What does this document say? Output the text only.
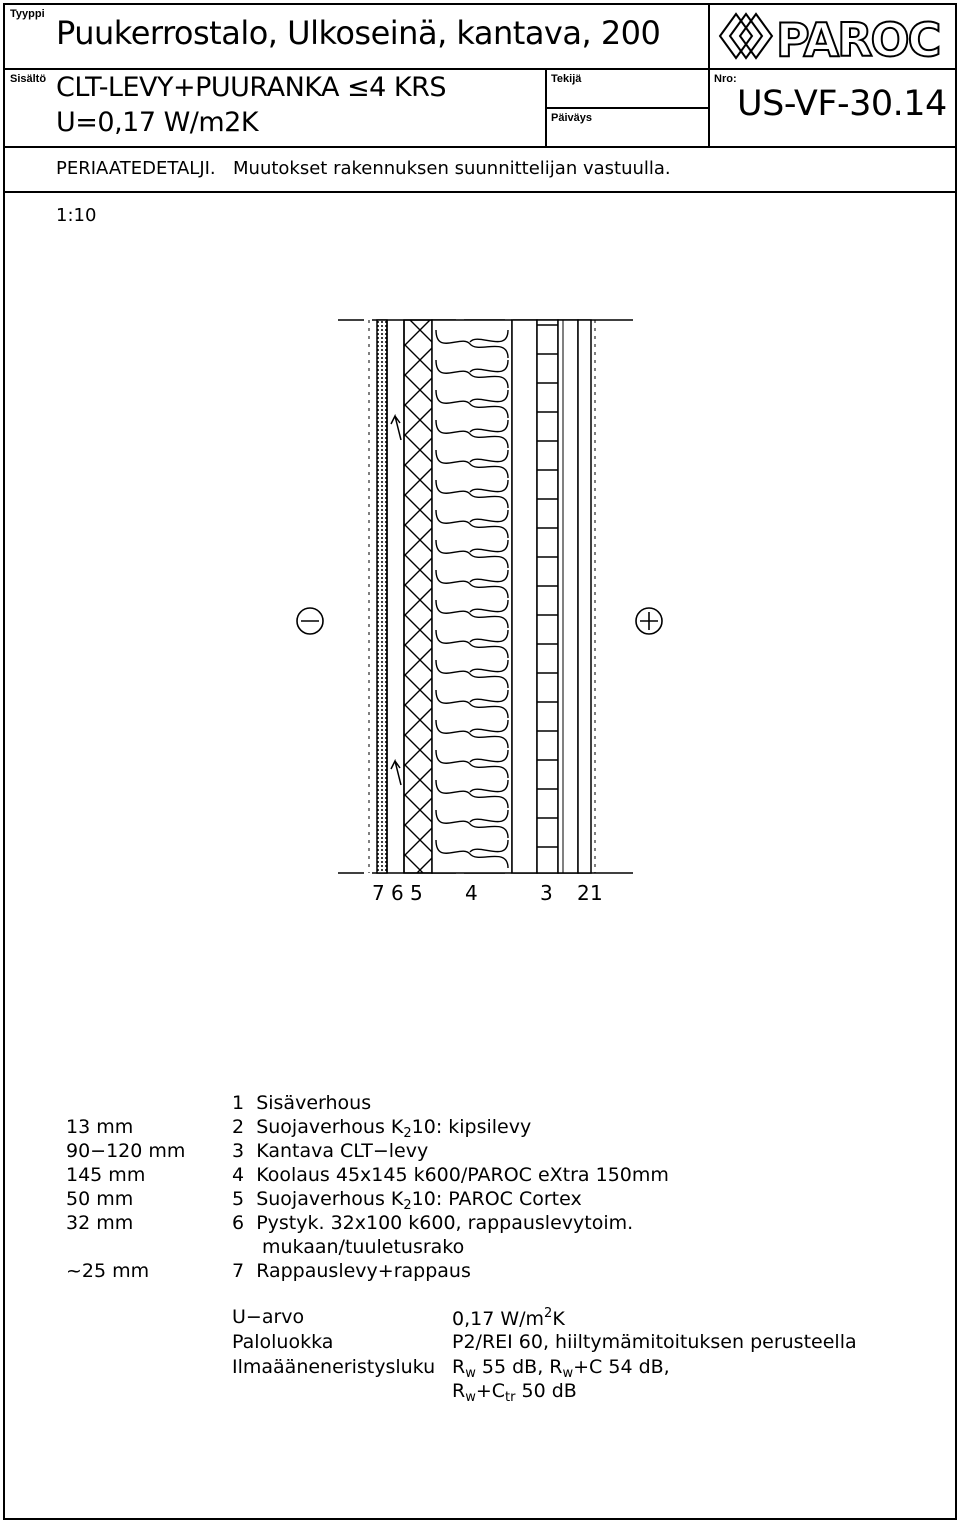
Tyyppi Puukerrostalo, Ulkoseinä, kantava, 200
Sisältö CLT-LEVY+PUURANKA ≤4 KRS
U=0,17 W/m2K
Tekijä
Päiväys
Nro:
US-VF-30.14
PAROC
PERIAATEDETALJI. Muutokset rakennuksen suunnittelijan vastuulla.
1:10
7 6 5 4	3 2 1
1 Sisäverhous
13 mm	2 Suojaverhous $K_210$: kipsilevy
90−120 mm 3 Kantava CLT−levy
145 mm	4 Koolaus 45x145 k600/PAROC eXtra 150mm
50 mm	5 Suojaverhous $K_210$: PAROC Cortex
32 mm	6 Pystyk. 32x100 k600, rappauslevytoim.
mukaan/tuuletusrako
~25 mm	7 Rappauslevy+rappaus
U−arvo	0,17 $W/m^2K$
Paloluokka	P2/REI 60, hiiltymämitoituksen perusteella
Ilmaääneneristysluku $R_w$ 55 dB, $R_w+C$ 54 dB,
$R_w+C_{tr}$ 50 dB
